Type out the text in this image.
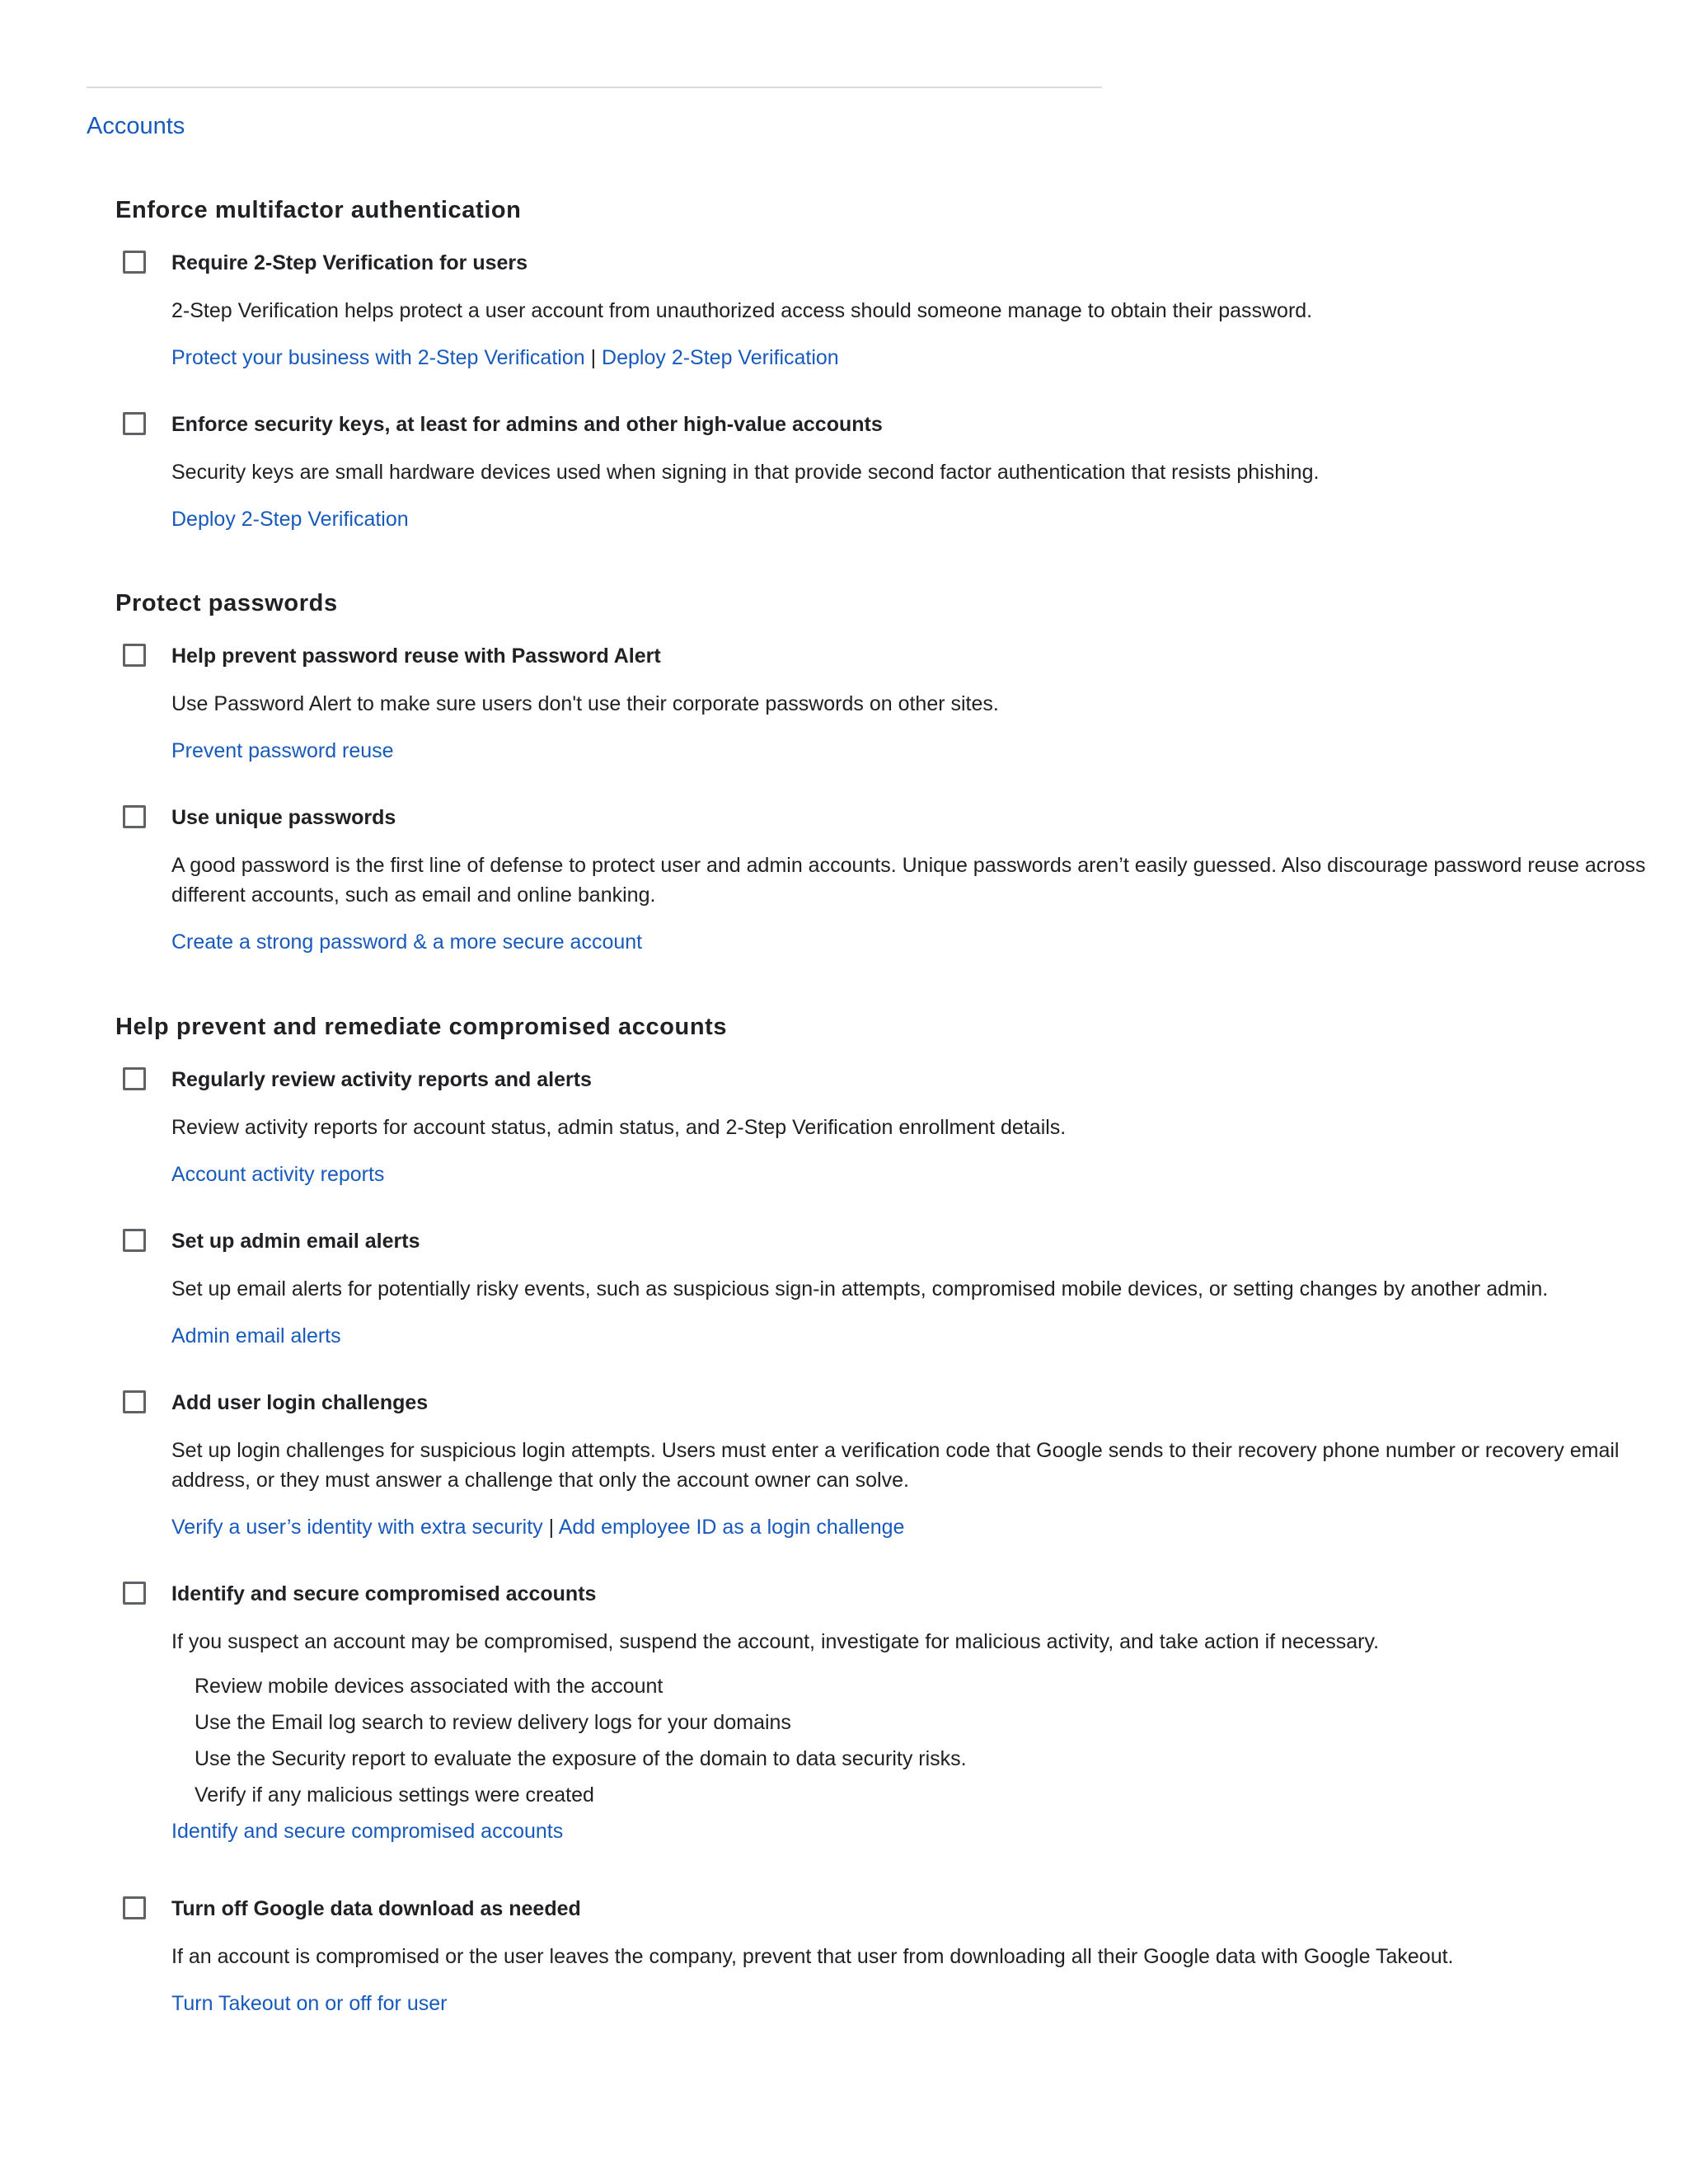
Accounts
Enforce multifactor authentication
Require 2-Step Verification for users

2-Step Verification helps protect a user account from unauthorized access should someone manage to obtain their password.

Protect your business with 2-Step Verification | Deploy 2-Step Verification
Enforce security keys, at least for admins and other high-value accounts

Security keys are small hardware devices used when signing in that provide second factor authentication that resists phishing.

Deploy 2-Step Verification
Protect passwords
Help prevent password reuse with Password Alert

Use Password Alert to make sure users don't use their corporate passwords on other sites.

Prevent password reuse
Use unique passwords

A good password is the first line of defense to protect user and admin accounts. Unique passwords aren’t easily guessed. Also discourage password reuse across different accounts, such as email and online banking.

Create a strong password & a more secure account
Help prevent and remediate compromised accounts
Regularly review activity reports and alerts

Review activity reports for account status, admin status, and 2-Step Verification enrollment details.

Account activity reports
Set up admin email alerts

Set up email alerts for potentially risky events, such as suspicious sign-in attempts, compromised mobile devices, or setting changes by another admin.

Admin email alerts
Add user login challenges

Set up login challenges for suspicious login attempts. Users must enter a verification code that Google sends to their recovery phone number or recovery email address, or they must answer a challenge that only the account owner can solve.

Verify a user’s identity with extra security | Add employee ID as a login challenge
Identify and secure compromised accounts

If you suspect an account may be compromised, suspend the account, investigate for malicious activity, and take action if necessary.

Review mobile devices associated with the account
Use the Email log search to review delivery logs for your domains
Use the Security report to evaluate the exposure of the domain to data security risks.
Verify if any malicious settings were created
Identify and secure compromised accounts
Turn off Google data download as needed

If an account is compromised or the user leaves the company, prevent that user from downloading all their Google data with Google Takeout.

Turn Takeout on or off for user
